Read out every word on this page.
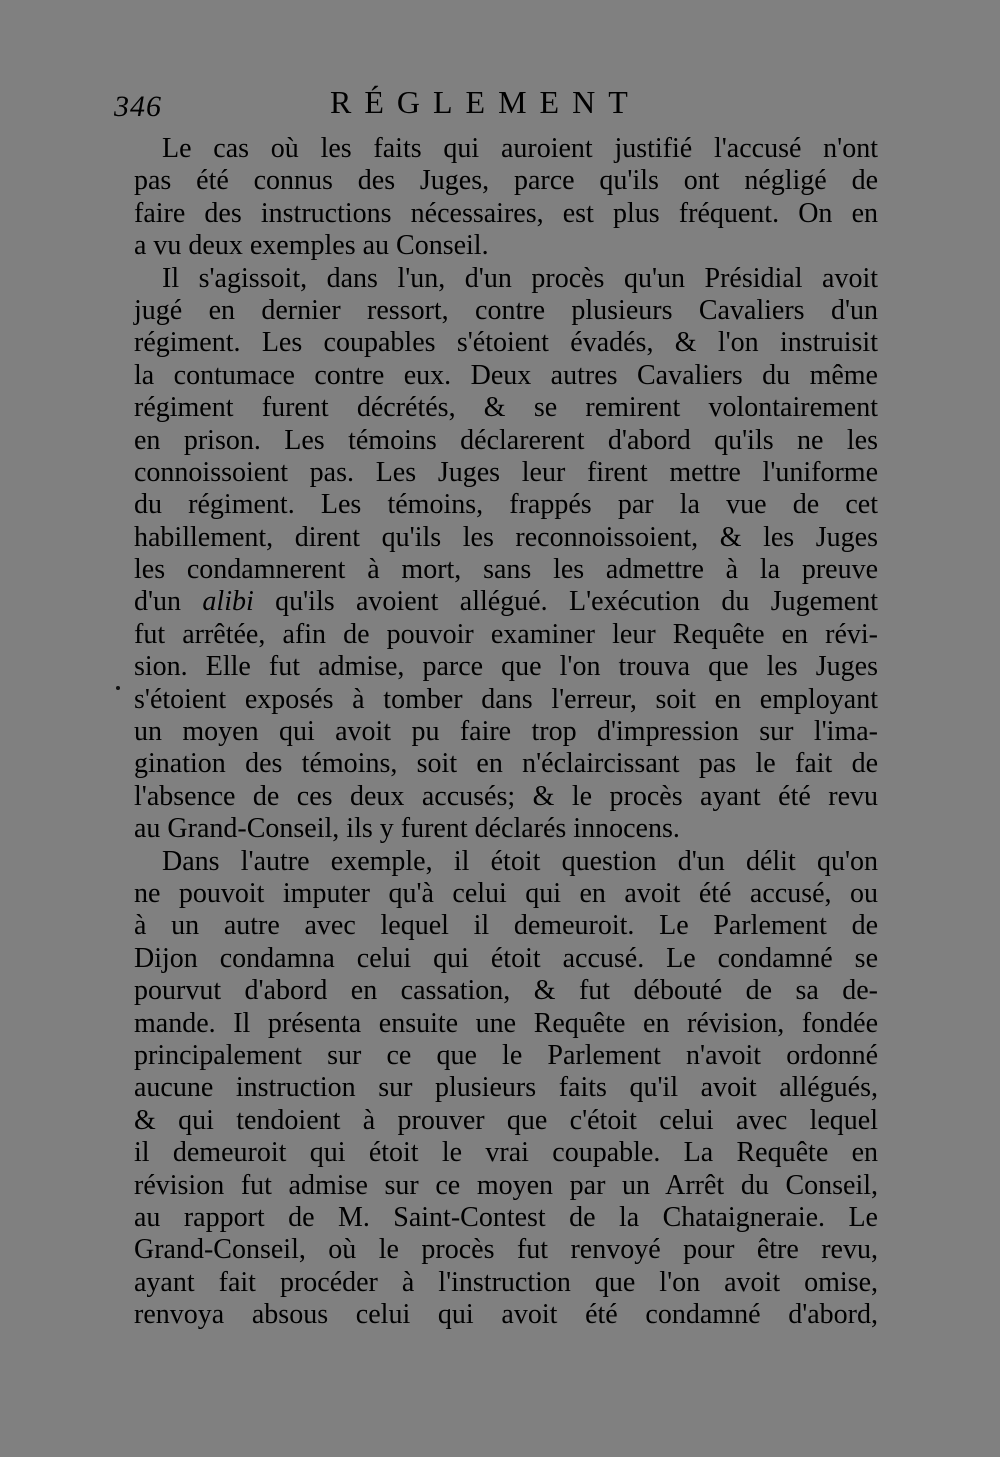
346	RÉGLEMENT
Le cas où les faits qui auroient justifié l'accusé n'ont
pas été connus des Juges, parce qu'ils ont négligé de
faire des instructions nécessaires, est plus fréquent. On en
a vu deux exemples au Conseil.
Il s'agissoit, dans l'un, d'un procès qu'un Présidial avoit
jugé en dernier ressort, contre plusieurs Cavaliers d'un
régiment. Les coupables s'étoient évadés, & l'on instruisit
la contumace contre eux. Deux autres Cavaliers du même
régiment furent décrétés, & se remirent volontairement
en prison. Les témoins déclarerent d'abord qu'ils ne les
connoissoient pas. Les Juges leur firent mettre l'uniforme
du régiment. Les témoins, frappés par la vue de cet
habillement, dirent qu'ils les reconnoissoient, & les Juges
les condamnerent à mort, sans les admettre à la preuve
d'un alibi qu'ils avoient allégué. L'exécution du Jugement
fut arrêtée, afin de pouvoir examiner leur Requête en révi-
sion. Elle fut admise, parce que l'on trouva que les Juges
s'étoient exposés à tomber dans l'erreur, soit en employant
un moyen qui avoit pu faire trop d'impression sur l'ima-
gination des témoins, soit en n'éclaircissant pas le fait de
l'absence de ces deux accusés; & le procès ayant été revu
au Grand-Conseil, ils y furent déclarés innocens.
Dans l'autre exemple, il étoit question d'un délit qu'on
ne pouvoit imputer qu'à celui qui en avoit été accusé, ou
à un autre avec lequel il demeuroit. Le Parlement de
Dijon condamna celui qui étoit accusé. Le condamné se
pourvut d'abord en cassation, & fut débouté de sa de-
mande. Il présenta ensuite une Requête en révision, fondée
principalement sur ce que le Parlement n'avoit ordonné
aucune instruction sur plusieurs faits qu'il avoit allégués,
& qui tendoient à prouver que c'étoit celui avec lequel
il demeuroit qui étoit le vrai coupable. La Requête en
révision fut admise sur ce moyen par un Arrêt du Conseil,
au rapport de M. Saint-Contest de la Chataigneraie. Le
Grand-Conseil, où le procès fut renvoyé pour être revu,
ayant fait procéder à l'instruction que l'on avoit omise,
renvoya absous celui qui avoit été condamné d'abord,
